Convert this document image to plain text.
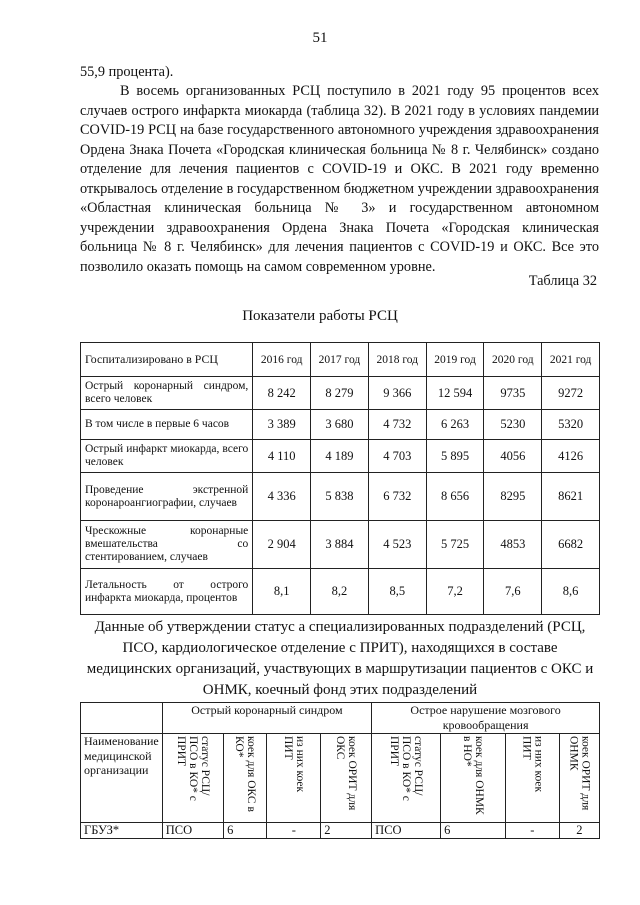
51
55,9 процента).
В восемь организованных РСЦ поступило в 2021 году 95 процентов всех случаев острого инфаркта миокарда (таблица 32). В 2021 году в условиях пандемии COVID-19 РСЦ на базе государственного автономного учреждения здравоохранения Ордена Знака Почета «Городская клиническая больница № 8 г. Челябинск» создано отделение для лечения пациентов с COVID-19 и ОКС. В 2021 году временно открывалось отделение в государственном бюджетном учреждении здравоохранения «Областная клиническая больница № 3» и государственном автономном учреждении здравоохранения Ордена Знака Почета «Городская клиническая больница № 8 г. Челябинск» для лечения пациентов с COVID-19 и ОКС. Все это позволило оказать помощь на самом современном уровне.
Таблица 32
Показатели работы РСЦ
Госпитализировано в РСЦ	2016 год	2017 год	2018 год	2019 год	2020 год	2021 год
Острый коронарный синдром, всего человек	8 242	8 279	9 366	12 594	9735	9272
В том числе в первые 6 часов	3 389	3 680	4 732	6 263	5230	5320
Острый инфаркт миокарда, всего человек	4 110	4 189	4 703	5 895	4056	4126
Проведение экстренной коронароангиографии, случаев	4 336	5 838	6 732	8 656	8295	8621
Чрескожные коронарные вмешательства со стентированием, случаев	2 904	3 884	4 523	5 725	4853	6682
Летальность от острого инфаркта миокарда, процентов	8,1	8,2	8,5	7,2	7,6	8,6
Данные об утверждении статус а специализированных подразделений (РСЦ, ПСО, кардиологическое отделение с ПРИТ), находящихся в составе медицинских организаций, участвующих в маршрутизации пациентов с ОКС и ОНМК, коечный фонд этих подразделений
	Острый коронарный синдром				Острое нарушение мозгового кровообращения			
Наименование медицинской организации	статус РСЦ/ПСО в КО* с ПРИТ	коек для ОКС в КО*	из них коек ПИТ	коек ОРИТ для ОКС	статус РСЦ/ПСО в КО* с ПРИТ	коек для ОНМК в НО*	из них коек ПИТ	коек ОРИТ для ОНМК
ГБУЗ*	ПСО	6	-	2	ПСО	6	-	2
